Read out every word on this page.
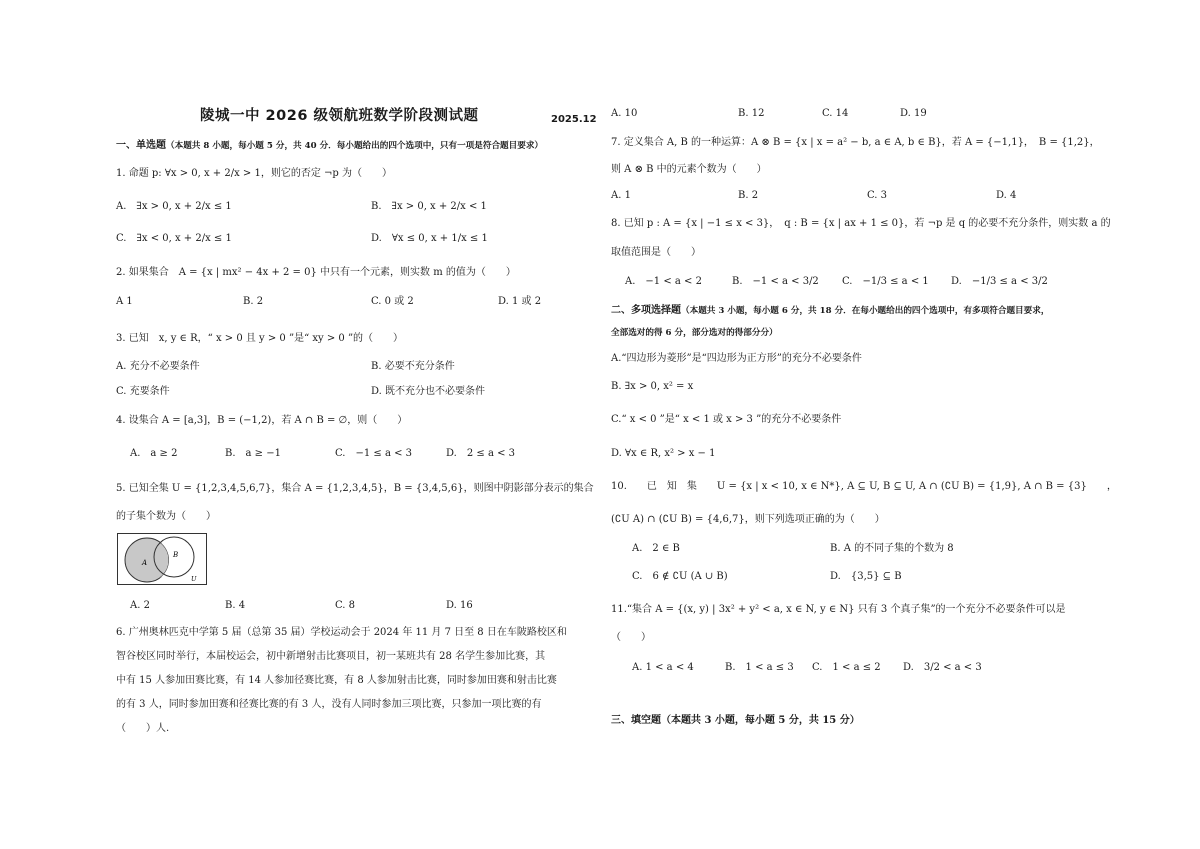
陵城一中 2026 级领航班数学阶段测试题	2025.12
一、单选题（本题共 8 小题，每小题 5 分，共 40 分．每小题给出的四个选项中，只有一项是符合题目要求）
1. 命题 p: ∀x > 0, x + 2/x > 1，则它的否定 ¬p 为（　　）
A.　∃x > 0, x + 2/x ≤ 1	B.　∃x > 0, x + 2/x < 1
C.　∃x < 0, x + 2/x ≤ 1	D.　∀x ≤ 0, x + 1/x ≤ 1
2. 如果集合　A = {x | mx² − 4x + 2 = 0} 中只有一个元素，则实数 m 的值为（　　）
A 1	B. 2	C. 0 或 2	D. 1 或 2
3. 已知　x, y ∈ R，“ x > 0 且 y > 0 ”是“ xy > 0 ”的（　　）
A. 充分不必要条件	B. 必要不充分条件
C. 充要条件	D. 既不充分也不必要条件
4. 设集合 A = [a,3]，B = (−1,2)，若 A ∩ B = ∅，则（　　）
A.　a ≥ 2	B.　a ≥ −1	C.　−1 ≤ a < 3	D.　2 ≤ a < 3
5. 已知全集 U = {1,2,3,4,5,6,7}，集合 A = {1,2,3,4,5}，B = {3,4,5,6}，则图中阴影部分表示的集合
的子集个数为（　　）
A
B
U
A. 2	B. 4	C. 8	D. 16
6. 广州奥林匹克中学第 5 届（总第 35 届）学校运动会于 2024 年 11 月 7 日至 8 日在车陂路校区和
智谷校区同时举行，本届校运会，初中新增射击比赛项目，初一某班共有 28 名学生参加比赛，其
中有 15 人参加田赛比赛，有 14 人参加径赛比赛，有 8 人参加射击比赛，同时参加田赛和射击比赛
的有 3 人，同时参加田赛和径赛比赛的有 3 人，没有人同时参加三项比赛，只参加一项比赛的有
（　　）人.
A. 10	B. 12	C. 14	D. 19
7. 定义集合 A, B 的一种运算：A ⊗ B = {x | x = a² − b, a ∈ A, b ∈ B}，若 A = {−1,1}，　B = {1,2}，
则 A ⊗ B 中的元素个数为（　　）
A. 1	B. 2	C. 3	D. 4
8. 已知 p : A = {x | −1 ≤ x < 3}，　q : B = {x | ax + 1 ≤ 0}，若 ¬p 是 q 的必要不充分条件，则实数 a 的
取值范围是（　　）
A.　−1 < a < 2	B.　−1 < a < 3/2 C.　−1/3 ≤ a < 1 D.　−1/3 ≤ a < 3/2
二、多项选择题（本题共 3 小题，每小题 6 分，共 18 分．在每小题给出的四个选项中，有多项符合题目要求，
全部选对的得 6 分，部分选对的得部分分）
A.“四边形为菱形”是“四边形为正方形”的充分不必要条件
B. ∃x > 0, x² = x
C.“ x < 0 ”是“ x < 1 或 x > 3 ”的充分不必要条件
D. ∀x ∈ R, x² > x − 1
10.　　已　知　集　　U = {x | x < 10, x ∈ N*}, A ⊆ U, B ⊆ U, A ∩ (∁U B) = {1,9}, A ∩ B = {3}　　，
(∁U A) ∩ (∁U B) = {4,6,7}，则下列选项正确的为（　　）
A.　2 ∈ B	B. A 的不同子集的个数为 8
C.　6 ∉ ∁U (A ∪ B)	D.　{3,5} ⊆ B
11.“集合 A = {(x, y) | 3x² + y² < a, x ∈ N, y ∈ N} 只有 3 个真子集”的一个充分不必要条件可以是
（　　）
A. 1 < a < 4	B.　1 < a ≤ 3 C.　1 < a ≤ 2 D.　3/2 < a < 3
三、填空题（本题共 3 小题，每小题 5 分，共 15 分）
